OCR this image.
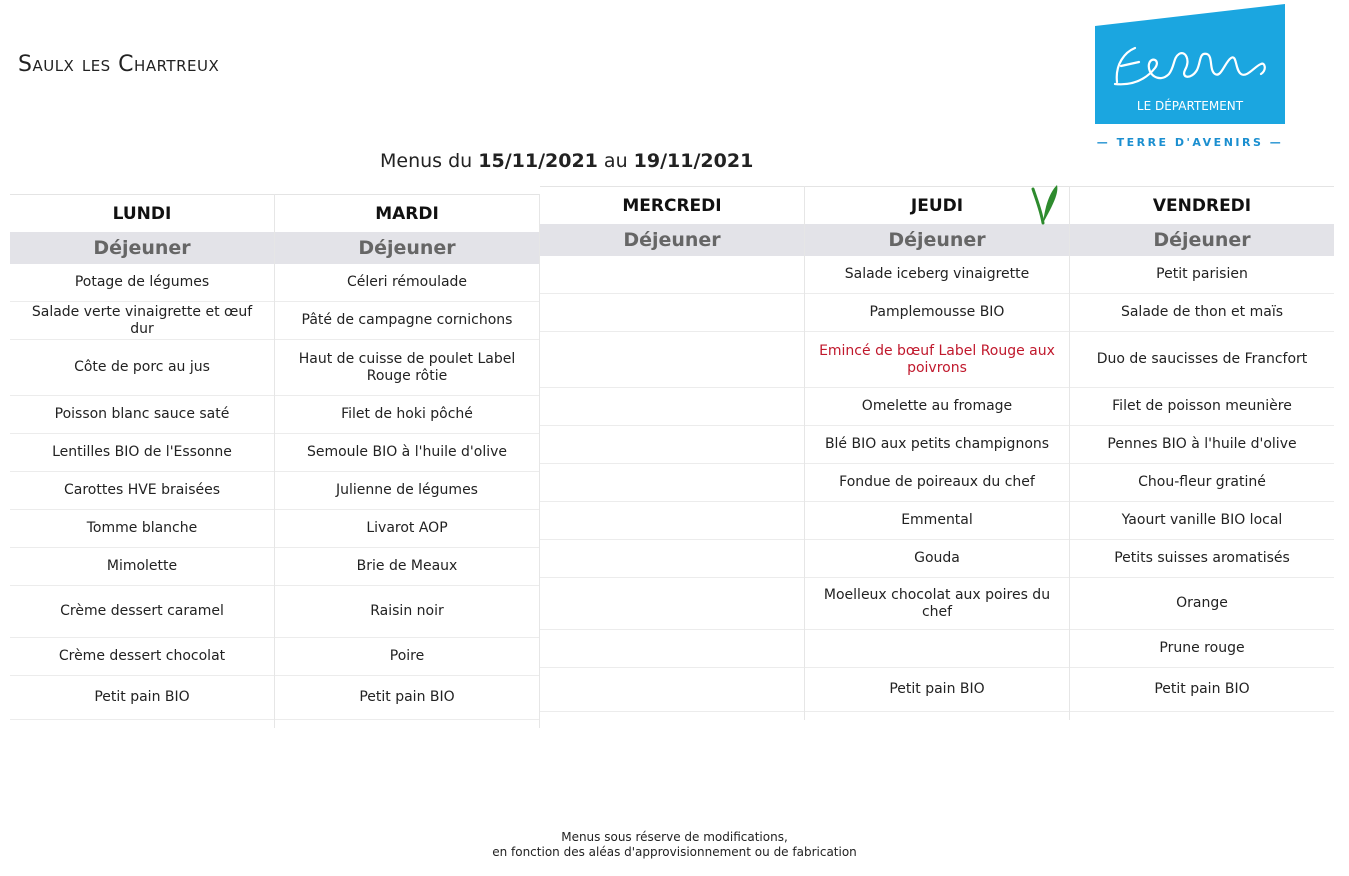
Saulx les Chartreux
LE DÉPARTEMENT
— TERRE D'AVENIRS —
Menus du 15/11/2021 au 19/11/2021
LUNDI
Déjeuner
Potage de légumes
Salade verte vinaigrette et œuf dur
Côte de porc au jus
Poisson blanc sauce saté
Lentilles BIO de l'Essonne
Carottes HVE braisées
Tomme blanche
Mimolette
Crème dessert caramel
Crème dessert chocolat
Petit pain BIO
MARDI
Déjeuner
Céleri rémoulade
Pâté de campagne cornichons
Haut de cuisse de poulet Label Rouge rôtie
Filet de hoki pôché
Semoule BIO à l'huile d'olive
Julienne de légumes
Livarot AOP
Brie de Meaux
Raisin noir
Poire
Petit pain BIO
MERCREDI
Déjeuner
JEUDI
Déjeuner
Salade iceberg vinaigrette
Pamplemousse BIO
Emincé de bœuf Label Rouge aux poivrons
Omelette au fromage
Blé BIO aux petits champignons
Fondue de poireaux du chef
Emmental
Gouda
Moelleux chocolat aux poires du chef
Petit pain BIO
VENDREDI
Déjeuner
Petit parisien
Salade de thon et maïs
Duo de saucisses de Francfort
Filet de poisson meunière
Pennes BIO à l'huile d'olive
Chou-fleur gratiné
Yaourt vanille BIO local
Petits suisses aromatisés
Orange
Prune rouge
Petit pain BIO
Menus sous réserve de modifications,
en fonction des aléas d'approvisionnement ou de fabrication
